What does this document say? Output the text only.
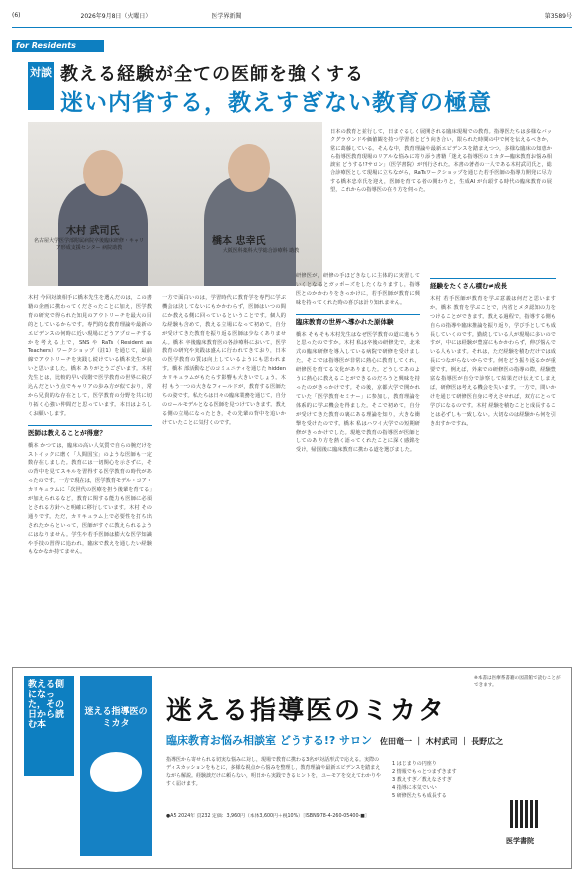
(6)	2026年9月8日（火曜日）	医学界新聞	第3589号
for Residents
対談 教える経験が全ての医師を強くする
迷い内省する，教えすぎない教育の極意
木村 武司氏
名古屋大学医学部附属病院卒後臨床研修・キャリア形成支援センター 病院助教
橋本 忠幸氏
大阪医科薬科大学総合診療科 助教
日本の教育と並行して，日まぐるしく展開される臨床現場での教育。指導医たちは多様なバックグラウンドや価値観を持つ学習者とどう向き合い，限られた時間の中で何を伝えるべきか，常に葛藤している。そんな中，教育理論や最新エビデンスを踏まえつつ，多様な臨床の知恵から指導医教育現場のリアルな悩みに寄り添う書籍「迷える指導医のミカタ―臨床教育お悩み相談室 どうする!?サロン」（医学書院）が刊行された。本書の著者の一人である木村武司氏と，総合診療医として現場に立ちながら，RaTsワークショップを通じた若手医師の指導力開発に尽力する橋本忠幸氏を迎え，医師を育てる者の関わりと，生成AI が台頭する時代の臨床教育の展望，これからの指導医の在り方を伺った。
木村 今回対談相手に橋本先生を選んだのは，この書籍の企画に携わってくださったことに加え，医学教育の研究で得られた知見のアウトリーチを最大の目的としているからです。専門的な教育理論や最新のエビデンスの何時に近い現場にどうアプローチするかを考える上で，SNS や RaTs（Resident as Teachers）ワークショップ（註1）を通じて，最前線でアウトリーチを実践し続けている橋本先生が良いと思いました。橋本 ありがとうございます。木村先生とは，比較的早い段階で医学教育の世界に飛び込んだという点でキャリアの歩み方が似ており，常から兄貴的な存在として，医学教育の分野を共に切り拓く心強い仲間だと思っています。本日はよろしくお願いします。
医師は教えることが得意？
橋本 かつては，臨床の高い人気質で自らの腕だけをストイックに磨く「人間国宝」のような医師も一定数存在しました。教育には一切関心を示さずに，その背中を見てスキルを習得する医学教育の時代があったのです。一方で現在は，医学教育モデル・コア・カリキュラムに「次世代の医療を担う後輩を育てる」が加えられるなど，教育に関する能力も医師に必須とされる方針へと明確に移行しています。木村 その通りです。ただ，カリキュラム上で必要性を打ち出されたからといって，医師がすぐに教えられるようにはなりません。学生や若手医師は膨大な医学知識や手技の習得に追われ，臨床で教えを通したい経験もなかなか持てません。
一方で面白いのは，学習時代に教育学を専門に学ぶ機会は決してないにもかかわらず，医師はいつの間にか教える側に回っているということです。個人的な経験も含めて，教える立場になって初めて，自分が受けてきた教育を振り返る医師は少なくありません。橋本 卒後臨床教育医の各診療科において，医学教育の研究や実践は盛んに行われてきており，日本の医学教育の質は向上しているようにも思われます。橋本 部活動などのコミュニティを通じた hidden カリキュラムがもたらす影響も大きいでしょう。木村 もう一つの大きなフィールドが，教育する医師たちの姿です。私たちは日々の臨床業務を通じて，自分のロールモデルとなる医師を見つけていきます。教える側の立場になったとき，その先輩の背中を追いかけていたことに気付くのです。
研修医が，研修の手ほどきなしに主体的に実習していくとなるとガッポーズをしたくなりますし，指導医とのかかわりをきっかけに，若手医師が教育に興味を持ってくれた時の喜びは計り知れません。
臨床教育の世界へ導かれた原体験
橋本 そもそも木村先生はなぜ医学教育の道に進もうと思ったのですか。木村 私は卒後の研修先で，北米式の臨床研修を導入している病院で研修を受けました。そこでは指導医が非常に熱心に教育してくれ，研修医を育てる文化がありました。どうしてあのように熱心に教えることができるのだろうと興味を持ったのがきっかけです。その後，京都大学で開かれていた「医学教育セミナー」に参加し，教育理論を体系的に学ぶ機会を得ました。そこで初めて，自分が受けてきた教育の裏にある理論を知り，大きな衝撃を受けたのです。橋本 私はハワイ大学での短期研修がきっかけでした。現地で教育の指導医が医師としてのあり方を熱く語ってくれたことに深く感銘を受け，帰国後に臨床教育に携わる道を選びました。
経験をたくさん積む≠成長
木村 若手医師が教育を学ぶ意義は何だと思いますか。橋本 教育を学ぶことで，内省とメタ認知の力をつけることができます。教える過程で，指導する側も自らの指導や臨床推論を振り返り，学び手としても成長していくのです。勤続している人が現場に多いのですが，中には経験が豊富にもかかわらず，伸び悩んでいる人もいます。それは，ただ経験を積むだけでは成長につながらないからです。何をどう振り返るかが重要です。例えば，外来での研修医の指導の際，経験豊富な指導医が自分で診察して結果だけ伝えてしまえば，研修医は考える機会を失います。一方で，問いかけを通じて研修医自身に考えさせれば，双方にとって学びになるのです。木村 経験を積むことと成長することは必ずしも一致しない。大切なのは経験から何を引き出すかですね。
教える側になった，その日から読む本
迷える指導医のミカタ	迷える指導医のミカタ
臨床教育お悩み相談室 どうする!? サロン 佐田竜一 ｜ 木村武司 ｜ 長野広之
指導医から寄せられる切実な悩みに対し，現場で教育に携わる3名が対話形式で応える。実際のディスカッションをもとに，多様な視点から悩みを整理し，教育理論や最新エビデンスを踏まえながら解説。経験談だけに頼らない，明日から実践できるヒントを，ユーモアを交えてわかりやすく届けます。
●A5 2024年 頁232 定価：3,960円（本体3,600円＋税10%）［ISBN978-4-260-05400-■］
1 はじまりの円座り
2 情報でもっとつまずきます
3 教えすぎ／教えなさすぎ
4 指導に本気でいい
5 研修医たちも成長する
※本書は医療系書籍の図書館で読むことができます。
医学書院
